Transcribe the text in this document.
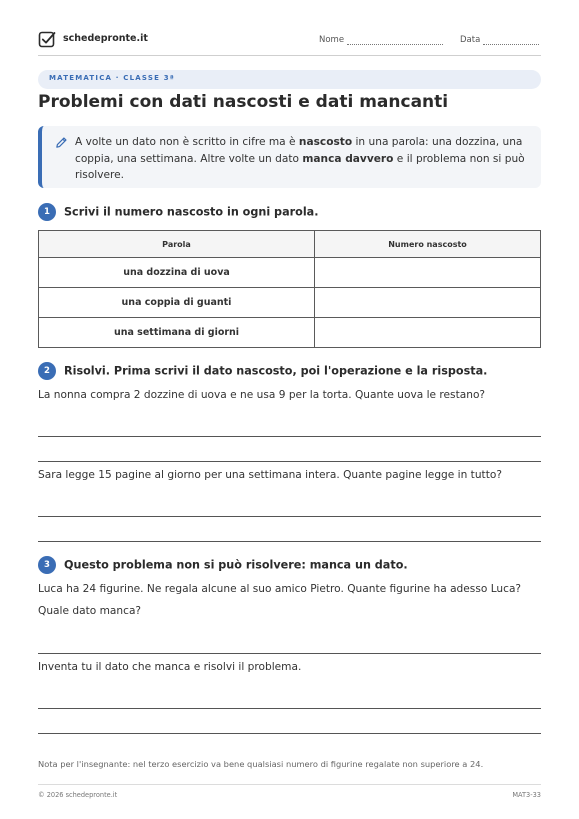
schedepronte.it	Nome	Data
MATEMATICA · CLASSE 3ª
Problemi con dati nascosti e dati mancanti
A volte un dato non è scritto in cifre ma è nascosto in una parola: una dozzina, una coppia, una settimana. Altre volte un dato manca davvero e il problema non si può risolvere.
1 Scrivi il numero nascosto in ogni parola.
Parola	Numero nascosto
una dozzina di uova	
una coppia di guanti	
una settimana di giorni	
2 Risolvi. Prima scrivi il dato nascosto, poi l'operazione e la risposta.
La nonna compra 2 dozzine di uova e ne usa 9 per la torta. Quante uova le restano?
Sara legge 15 pagine al giorno per una settimana intera. Quante pagine legge in tutto?
3 Questo problema non si può risolvere: manca un dato.
Luca ha 24 figurine. Ne regala alcune al suo amico Pietro. Quante figurine ha adesso Luca?
Quale dato manca?
Inventa tu il dato che manca e risolvi il problema.
Nota per l'insegnante: nel terzo esercizio va bene qualsiasi numero di figurine regalate non superiore a 24.
© 2026 schedepronte.it	MAT3-33
